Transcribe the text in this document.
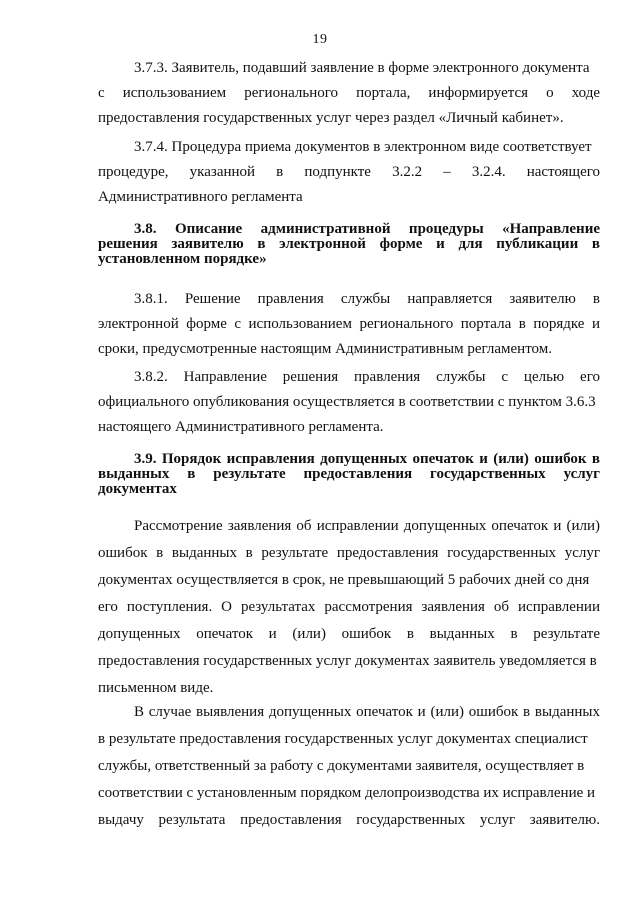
19
3.7.3. Заявитель, подавший заявление в форме электронного документа
с использованием регионального портала, информируется о ходе
предоставления государственных услуг через раздел «Личный кабинет».
3.7.4. Процедура приема документов в электронном виде соответствует
процедуре, указанной в подпункте 3.2.2 – 3.2.4. настоящего
Административного регламента
3.8. Описание административной процедуры «Направление
решения заявителю в электронной форме и для публикации в
установленном порядке»
3.8.1. Решение правления службы направляется заявителю в
электронной форме с использованием регионального портала в порядке и
сроки, предусмотренные настоящим Административным регламентом.
3.8.2. Направление решения правления службы с целью его
официального опубликования осуществляется в соответствии с пунктом 3.6.3
настоящего Административного регламента.
3.9. Порядок исправления допущенных опечаток и (или) ошибок в
выданных в результате предоставления государственных услуг
документах
Рассмотрение заявления об исправлении допущенных опечаток и (или)
ошибок в выданных в результате предоставления государственных услуг
документах осуществляется в срок, не превышающий 5 рабочих дней со дня
его поступления. О результатах рассмотрения заявления об исправлении
допущенных опечаток и (или) ошибок в выданных в результате
предоставления государственных услуг документах заявитель уведомляется в
письменном виде.
В случае выявления допущенных опечаток и (или) ошибок в выданных
в результате предоставления государственных услуг документах специалист
службы, ответственный за работу с документами заявителя, осуществляет в
соответствии с установленным порядком делопроизводства их исправление и
выдачу результата предоставления государственных услуг заявителю.
